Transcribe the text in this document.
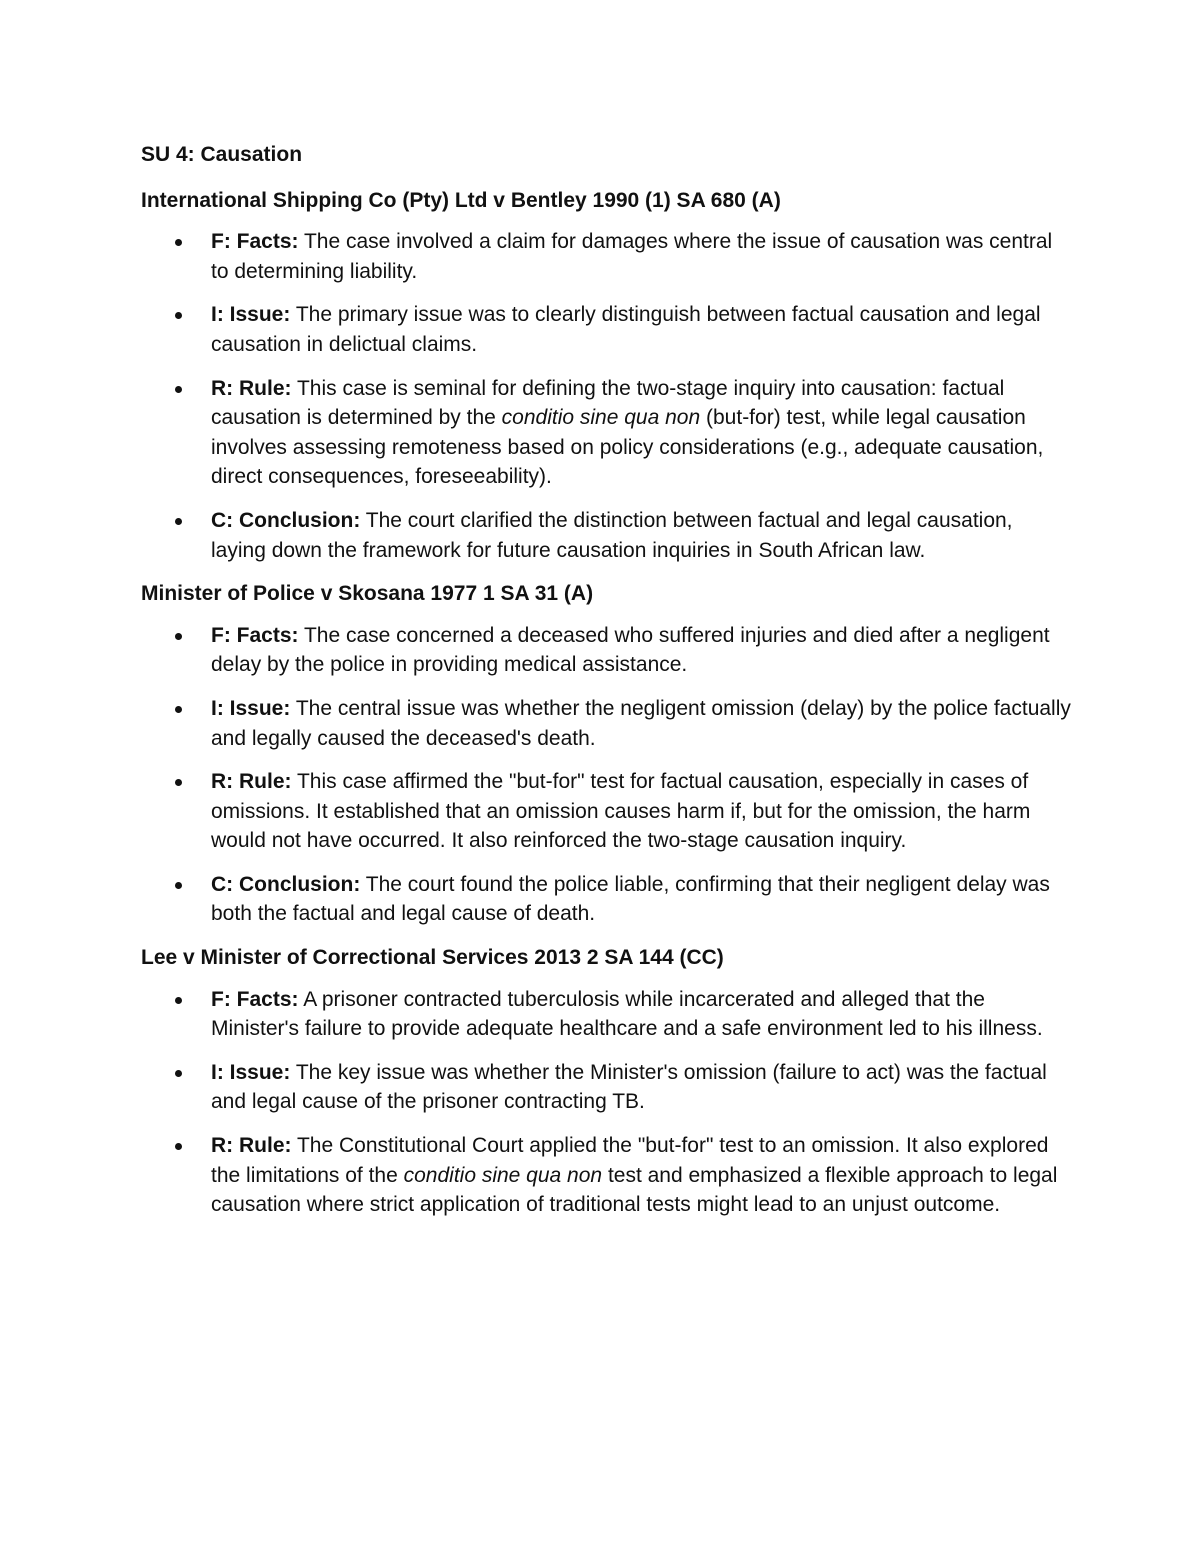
SU 4: Causation
International Shipping Co (Pty) Ltd v Bentley 1990 (1) SA 680 (A)
F: Facts: The case involved a claim for damages where the issue of causation was central to determining liability.
I: Issue: The primary issue was to clearly distinguish between factual causation and legal causation in delictual claims.
R: Rule: This case is seminal for defining the two-stage inquiry into causation: factual causation is determined by the conditio sine qua non (but-for) test, while legal causation involves assessing remoteness based on policy considerations (e.g., adequate causation, direct consequences, foreseeability).
C: Conclusion: The court clarified the distinction between factual and legal causation, laying down the framework for future causation inquiries in South African law.
Minister of Police v Skosana 1977 1 SA 31 (A)
F: Facts: The case concerned a deceased who suffered injuries and died after a negligent delay by the police in providing medical assistance.
I: Issue: The central issue was whether the negligent omission (delay) by the police factually and legally caused the deceased's death.
R: Rule: This case affirmed the "but-for" test for factual causation, especially in cases of omissions. It established that an omission causes harm if, but for the omission, the harm would not have occurred. It also reinforced the two-stage causation inquiry.
C: Conclusion: The court found the police liable, confirming that their negligent delay was both the factual and legal cause of death.
Lee v Minister of Correctional Services 2013 2 SA 144 (CC)
F: Facts: A prisoner contracted tuberculosis while incarcerated and alleged that the Minister's failure to provide adequate healthcare and a safe environment led to his illness.
I: Issue: The key issue was whether the Minister's omission (failure to act) was the factual and legal cause of the prisoner contracting TB.
R: Rule: The Constitutional Court applied the "but-for" test to an omission. It also explored the limitations of the conditio sine qua non test and emphasized a flexible approach to legal causation where strict application of traditional tests might lead to an unjust outcome.
